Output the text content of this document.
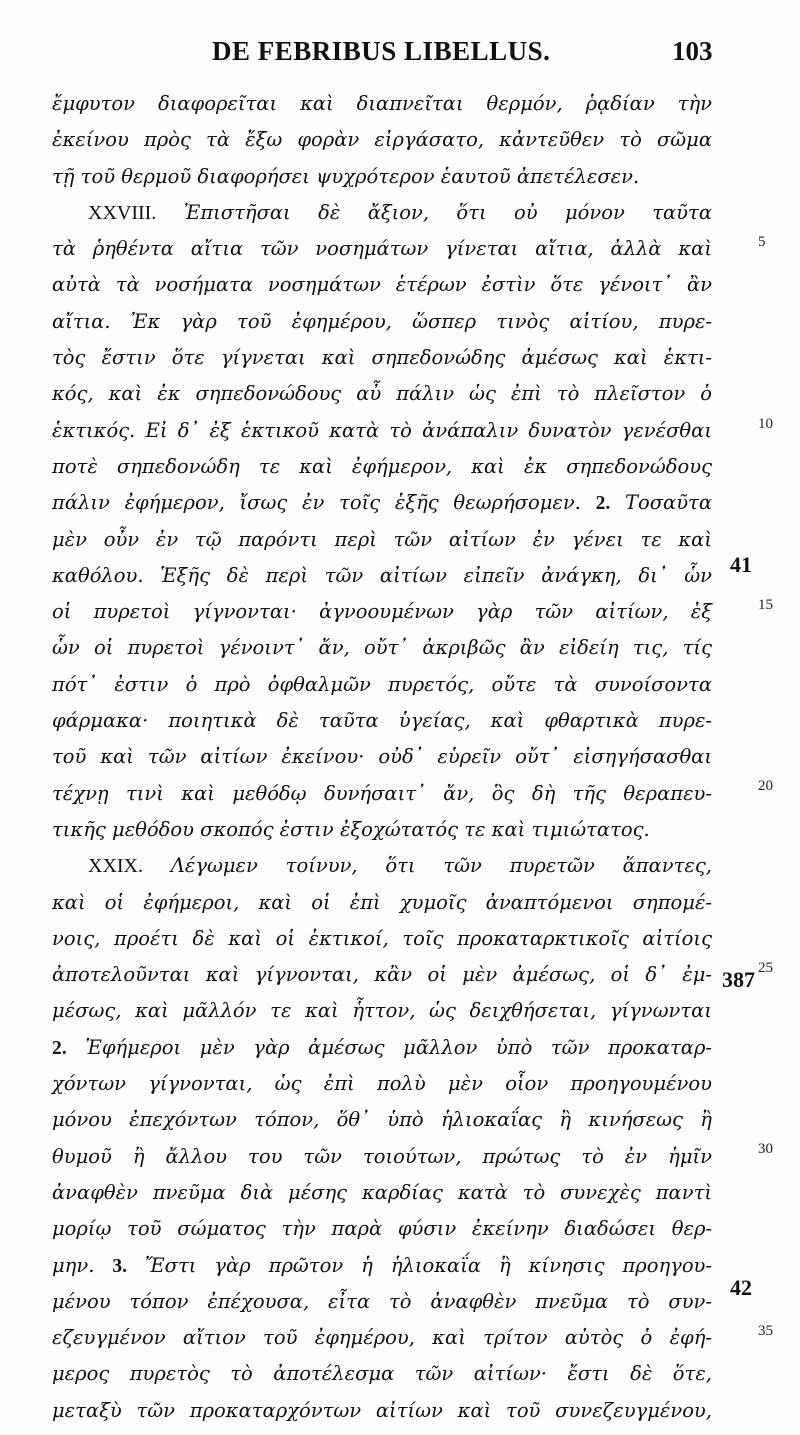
DE FEBRIBUS LIBELLUS.	103
ἔμφυτον διαφορεῖται καὶ διαπνεῖται θερμόν, ῥᾳδίαν τὴν
ἐκείνου πρὸς τὰ ἔξω φορὰν εἰργάσατο, κἀντεῦθεν τὸ σῶμα
τῇ τοῦ θερμοῦ διαφορήσει ψυχρότερον ἑαυτοῦ ἀπετέλεσεν.
XXVIII. Ἐπιστῆσαι δὲ ἄξιον, ὅτι οὐ μόνον ταῦτα
τὰ ῥηθέντα αἴτια τῶν νοσημάτων γίνεται αἴτια, ἀλλὰ καὶ
αὐτὰ τὰ νοσήματα νοσημάτων ἑτέρων ἐστὶν ὅτε γένοιτ᾽ ἂν
αἴτια. Ἐκ γὰρ τοῦ ἐφημέρου, ὥσπερ τινὸς αἰτίου, πυρε-
τὸς ἔστιν ὅτε γίγνεται καὶ σηπεδονώδης ἀμέσως καὶ ἑκτι-
κός, καὶ ἐκ σηπεδονώδους αὖ πάλιν ὡς ἐπὶ τὸ πλεῖστον ὁ
ἑκτικός. Εἰ δ᾽ ἐξ ἑκτικοῦ κατὰ τὸ ἀνάπαλιν δυνατὸν γενέσθαι
ποτὲ σηπεδονώδη τε καὶ ἐφήμερον, καὶ ἐκ σηπεδονώδους
πάλιν ἐφήμερον, ἴσως ἐν τοῖς ἑξῆς θεωρήσομεν. 2. Τοσαῦτα
μὲν οὖν ἐν τῷ παρόντι περὶ τῶν αἰτίων ἐν γένει τε καὶ
καθόλου. Ἑξῆς δὲ περὶ τῶν αἰτίων εἰπεῖν ἀνάγκη, δι᾽ ὧν
οἱ πυρετοὶ γίγνονται· ἀγνοουμένων γὰρ τῶν αἰτίων, ἐξ
ὧν οἱ πυρετοὶ γένοιντ᾽ ἄν, οὔτ᾽ ἀκριβῶς ἂν εἰδείη τις, τίς
πότ᾽ ἐστιν ὁ πρὸ ὀφθαλμῶν πυρετός, οὔτε τὰ συνοίσοντα
φάρμακα· ποιητικὰ δὲ ταῦτα ὑγείας, καὶ φθαρτικὰ πυρε-
τοῦ καὶ τῶν αἰτίων ἐκείνου· οὐδ᾽ εὑρεῖν οὔτ᾽ εἰσηγήσασθαι
τέχνῃ τινὶ καὶ μεθόδῳ δυνήσαιτ᾽ ἄν, ὃς δὴ τῆς θεραπευ-
τικῆς μεθόδου σκοπός ἐστιν ἐξοχώτατός τε καὶ τιμιώτατος.
XXIX. Λέγωμεν τοίνυν, ὅτι τῶν πυρετῶν ἅπαντες,
καὶ οἱ ἐφήμεροι, καὶ οἱ ἐπὶ χυμοῖς ἀναπτόμενοι σηπομέ-
νοις, προέτι δὲ καὶ οἱ ἑκτικοί, τοῖς προκαταρκτικοῖς αἰτίοις
ἀποτελοῦνται καὶ γίγνονται, κἂν οἱ μὲν ἀμέσως, οἱ δ᾽ ἐμ-
μέσως, καὶ μᾶλλόν τε καὶ ἧττον, ὡς δειχθήσεται, γίγνωνται
2. Ἐφήμεροι μὲν γὰρ ἀμέσως μᾶλλον ὑπὸ τῶν προκαταρ-
χόντων γίγνονται, ὡς ἐπὶ πολὺ μὲν οἷον προηγουμένου
μόνου ἐπεχόντων τόπον, ὅθ᾽ ὑπὸ ἡλιοκαΐας ἢ κινήσεως ἢ
θυμοῦ ἢ ἄλλου του τῶν τοιούτων, πρώτως τὸ ἐν ἡμῖν
ἀναφθὲν πνεῦμα διὰ μέσης καρδίας κατὰ τὸ συνεχὲς παντὶ
μορίῳ τοῦ σώματος τὴν παρὰ φύσιν ἐκείνην διαδώσει θερ-
μην. 3. Ἔστι γὰρ πρῶτον ἡ ἡλιοκαΐα ἢ κίνησις προηγου-
μένου τόπον ἐπέχουσα, εἶτα τὸ ἀναφθὲν πνεῦμα τὸ συν-
εζευγμένον αἴτιον τοῦ ἐφημέρου, καὶ τρίτον αὐτὸς ὁ ἐφή-
μερος πυρετὸς τὸ ἀποτέλεσμα τῶν αἰτίων· ἔστι δὲ ὅτε,
μεταξὺ τῶν προκαταρχόντων αἰτίων καὶ τοῦ συνεζευγμένου,
5
10
15
20
25
30
35
41
387
42
